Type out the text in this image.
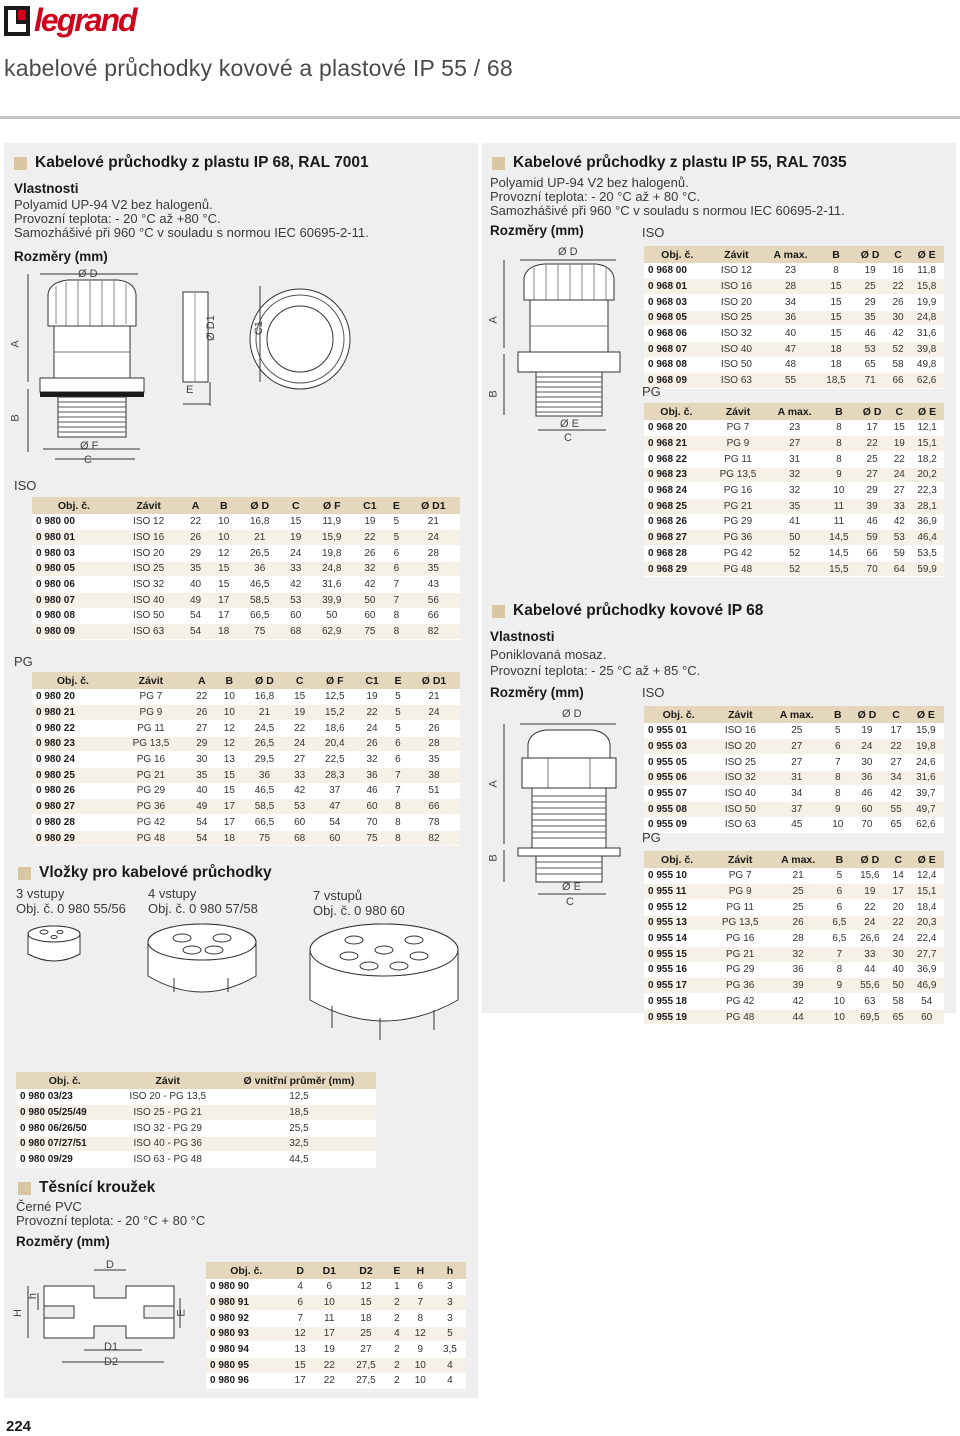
legrand
kabelové průchodky kovové a plastové IP 55 / 68
Kabelové průchodky z plastu IP 68, RAL 7001
Vlastnosti
Polyamid UP-94 V2 bez halogenů.
Provozní teplota: - 20 °C až +80 °C.
Samozhášivé při 960 °C v souladu s normou IEC 60695-2-11.
Rozměry (mm)
Ø D
A
B
Ø F
C
E
Ø D1	C1
ISO
Obj. č.	Závit	A	B	Ø D	C	Ø F	C1	E	Ø D1
0 980 00	ISO 12	22	10	16,8	15	11,9	19	5	21
0 980 01	ISO 16	26	10	21	19	15,9	22	5	24
0 980 03	ISO 20	29	12	26,5	24	19,8	26	6	28
0 980 05	ISO 25	35	15	36	33	24,8	32	6	35
0 980 06	ISO 32	40	15	46,5	42	31,6	42	7	43
0 980 07	ISO 40	49	17	58,5	53	39,9	50	7	56
0 980 08	ISO 50	54	17	66,5	60	50	60	8	66
0 980 09	ISO 63	54	18	75	68	62,9	75	8	82
PG
Obj. č.	Závit	A	B	Ø D	C	Ø F	C1	E	Ø D1
0 980 20	PG 7	22	10	16,8	15	12,5	19	5	21
0 980 21	PG 9	26	10	21	19	15,2	22	5	24
0 980 22	PG 11	27	12	24,5	22	18,6	24	5	26
0 980 23	PG 13,5	29	12	26,5	24	20,4	26	6	28
0 980 24	PG 16	30	13	29,5	27	22,5	32	6	35
0 980 25	PG 21	35	15	36	33	28,3	36	7	38
0 980 26	PG 29	40	15	46,5	42	37	46	7	51
0 980 27	PG 36	49	17	58,5	53	47	60	8	66
0 980 28	PG 42	54	17	66,5	60	54	70	8	78
0 980 29	PG 48	54	18	75	68	60	75	8	82
Vložky pro kabelové průchodky
3 vstupy
Obj. č. 0 980 55/56
4 vstupy
Obj. č. 0 980 57/58
7 vstupů
Obj. č. 0 980 60
Obj. č.	Závit	Ø vnitřní průměr (mm)
0 980 03/23	ISO 20 - PG 13,5	12,5
0 980 05/25/49	ISO 25 - PG 21	18,5
0 980 06/26/50	ISO 32 - PG 29	25,5
0 980 07/27/51	ISO 40 - PG 36	32,5
0 980 09/29	ISO 63 - PG 48	44,5
Těsnící kroužek
Černé PVC
Provozní teplota: - 20 °C + 80 °C
Rozměry (mm)
D
H
h
E
D1
D2
Obj. č.	D	D1	D2	E	H	h
0 980 90	4	6	12	1	6	3
0 980 91	6	10	15	2	7	3
0 980 92	7	11	18	2	8	3
0 980 93	12	17	25	4	12	5
0 980 94	13	19	27	2	9	3,5
0 980 95	15	22	27,5	2	10	4
0 980 96	17	22	27,5	2	10	4
Kabelové průchodky z plastu IP 55, RAL 7035
Polyamid UP-94 V2 bez halogenů.
Provozní teplota: - 20 °C až + 80 °C.
Samozhášivé při 960 °C v souladu s normou IEC 60695-2-11.
Rozměry (mm)	ISO
Ø D
A
B
Ø E
C
Obj. č.	Závit	A max.	B	Ø D	C	Ø E
0 968 00	ISO 12	23	8	19	16	11,8
0 968 01	ISO 16	28	15	25	22	15,8
0 968 03	ISO 20	34	15	29	26	19,9
0 968 05	ISO 25	36	15	35	30	24,8
0 968 06	ISO 32	40	15	46	42	31,6
0 968 07	ISO 40	47	18	53	52	39,8
0 968 08	ISO 50	48	18	65	58	49,8
0 968 09	ISO 63	55	18,5	71	66	62,6
PG
Obj. č.	Závit	A max.	B	Ø D	C	Ø E
0 968 20	PG 7	23	8	17	15	12,1
0 968 21	PG 9	27	8	22	19	15,1
0 968 22	PG 11	31	8	25	22	18,2
0 968 23	PG 13,5	32	9	27	24	20,2
0 968 24	PG 16	32	10	29	27	22,3
0 968 25	PG 21	35	11	39	33	28,1
0 968 26	PG 29	41	11	46	42	36,9
0 968 27	PG 36	50	14,5	59	53	46,4
0 968 28	PG 42	52	14,5	66	59	53,5
0 968 29	PG 48	52	15,5	70	64	59,9
Kabelové průchodky kovové IP 68
Vlastnosti
Poniklovaná mosaz.
Provozní teplota: - 25 °C až + 85 °C.
Rozměry (mm)	ISO
Ø D
A
B
Ø E
C
Obj. č.	Závit	A max.	B	Ø D	C	Ø E
0 955 01	ISO 16	25	5	19	17	15,9
0 955 03	ISO 20	27	6	24	22	19,8
0 955 05	ISO 25	27	7	30	27	24,6
0 955 06	ISO 32	31	8	36	34	31,6
0 955 07	ISO 40	34	8	46	42	39,7
0 955 08	ISO 50	37	9	60	55	49,7
0 955 09	ISO 63	45	10	70	65	62,6
PG
Obj. č.	Závit	A max.	B	Ø D	C	Ø E
0 955 10	PG 7	21	5	15,6	14	12,4
0 955 11	PG 9	25	6	19	17	15,1
0 955 12	PG 11	25	6	22	20	18,4
0 955 13	PG 13,5	26	6,5	24	22	20,3
0 955 14	PG 16	28	6,5	26,6	24	22,4
0 955 15	PG 21	32	7	33	30	27,7
0 955 16	PG 29	36	8	44	40	36,9
0 955 17	PG 36	39	9	55,6	50	46,9
0 955 18	PG 42	42	10	63	58	54
0 955 19	PG 48	44	10	69,5	65	60
224
